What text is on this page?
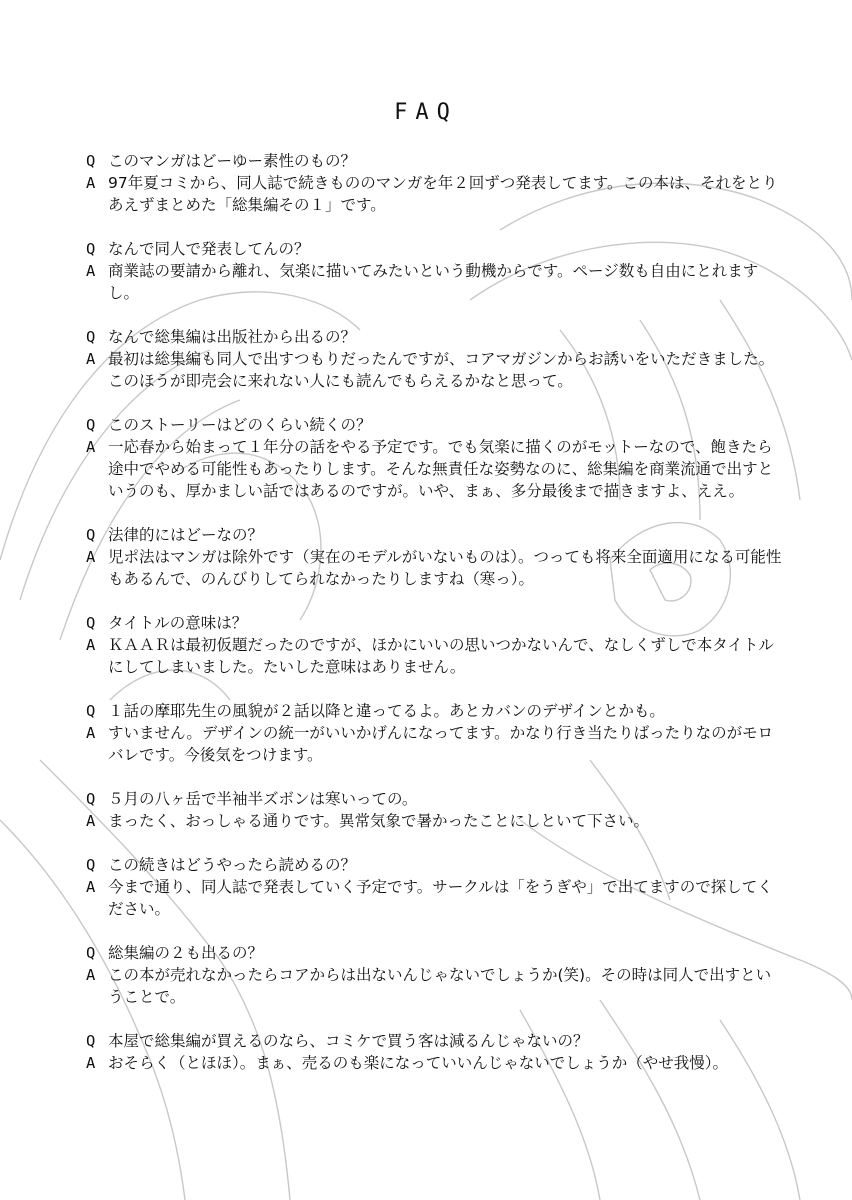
FAQ
Q このマンガはどーゆー素性のもの？
A 97年夏コミから、同人誌で続きもののマンガを年２回ずつ発表してます。この本は、それをとりあえずまとめた「総集編その１」です。
Q なんで同人で発表してんの？
A 商業誌の要請から離れ、気楽に描いてみたいという動機からです。ページ数も自由にとれますし。
Q なんで総集編は出版社から出るの？
A 最初は総集編も同人で出すつもりだったんですが、コアマガジンからお誘いをいただきました。このほうが即売会に来れない人にも読んでもらえるかなと思って。
Q このストーリーはどのくらい続くの？
A 一応春から始まって１年分の話をやる予定です。でも気楽に描くのがモットーなので、飽きたら途中でやめる可能性もあったりします。そんな無責任な姿勢なのに、総集編を商業流通で出すというのも、厚かましい話ではあるのですが。いや、まぁ、多分最後まで描きますよ、ええ。
Q 法律的にはどーなの？
A 児ポ法はマンガは除外です（実在のモデルがいないものは）。つっても将来全面適用になる可能性もあるんで、のんびりしてられなかったりしますね（寒っ）。
Q タイトルの意味は？
A ＫＡＡＲは最初仮題だったのですが、ほかにいいの思いつかないんで、なしくずしで本タイトルにしてしまいました。たいした意味はありません。
Q １話の摩耶先生の風貌が２話以降と違ってるよ。あとカバンのデザインとかも。
A すいません。デザインの統一がいいかげんになってます。かなり行き当たりばったりなのがモロバレです。今後気をつけます。
Q ５月の八ヶ岳で半袖半ズボンは寒いっての。
A まったく、おっしゃる通りです。異常気象で暑かったことにしといて下さい。
Q この続きはどうやったら読めるの？
A 今まで通り、同人誌で発表していく予定です。サークルは「をうぎや」で出てますので探してください。
Q 総集編の２も出るの？
A この本が売れなかったらコアからは出ないんじゃないでしょうか(笑)。その時は同人で出すということで。
Q 本屋で総集編が買えるのなら、コミケで買う客は減るんじゃないの？
A おそらく（とほほ）。まぁ、売るのも楽になっていいんじゃないでしょうか（やせ我慢）。
